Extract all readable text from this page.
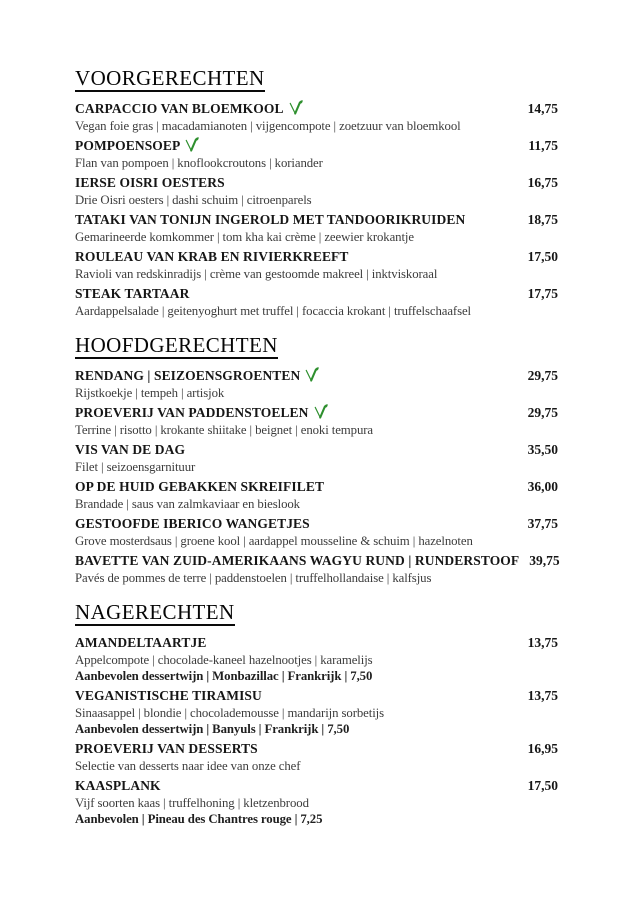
VOORGERECHTEN
CARPACCIO VAN BLOEMKOOL	14,75
Vegan foie gras | macadamianoten | vijgencompote | zoetzuur van bloemkool
POMPOENSOEP	11,75
Flan van pompoen | knoflookcroutons | koriander
IERSE OISRI OESTERS	16,75
Drie Oisri oesters | dashi schuim | citroenparels
TATAKI VAN TONIJN INGEROLD MET TANDOORIKRUIDEN	18,75
Gemarineerde komkommer | tom kha kai crème | zeewier krokantje
ROULEAU VAN KRAB EN RIVIERKREEFT	17,50
Ravioli van redskinradijs | crème van gestoomde makreel | inktviskoraal
STEAK TARTAAR	17,75
Aardappelsalade | geitenyoghurt met truffel | focaccia krokant | truffelschaafsel
HOOFDGERECHTEN
RENDANG | SEIZOENSGROENTEN	29,75
Rijstkoekje | tempeh | artisjok
PROEVERIJ VAN PADDENSTOELEN	29,75
Terrine | risotto | krokante shiitake | beignet | enoki tempura
VIS VAN DE DAG	35,50
Filet | seizoensgarnituur
OP DE HUID GEBAKKEN SKREIFILET	36,00
Brandade | saus van zalmkaviaar en bieslook
GESTOOFDE IBERICO WANGETJES	37,75
Grove mosterdsaus | groene kool | aardappel mousseline & schuim | hazelnoten
BAVETTE VAN ZUID-AMERIKAANS WAGYU RUND | RUNDERSTOOF 39,75
Pavés de pommes de terre | paddenstoelen | truffelhollandaise | kalfsjus
NAGERECHTEN
AMANDELTAARTJE	13,75
Appelcompote | chocolade-kaneel hazelnootjes | karamelijs
Aanbevolen dessertwijn | Monbazillac | Frankrijk | 7,50
VEGANISTISCHE TIRAMISU	13,75
Sinaasappel | blondie | chocolademousse | mandarijn sorbetijs
Aanbevolen dessertwijn | Banyuls | Frankrijk | 7,50
PROEVERIJ VAN DESSERTS	16,95
Selectie van desserts naar idee van onze chef
KAASPLANK	17,50
Vijf soorten kaas | truffelhoning | kletzenbrood
Aanbevolen | Pineau des Chantres rouge | 7,25
